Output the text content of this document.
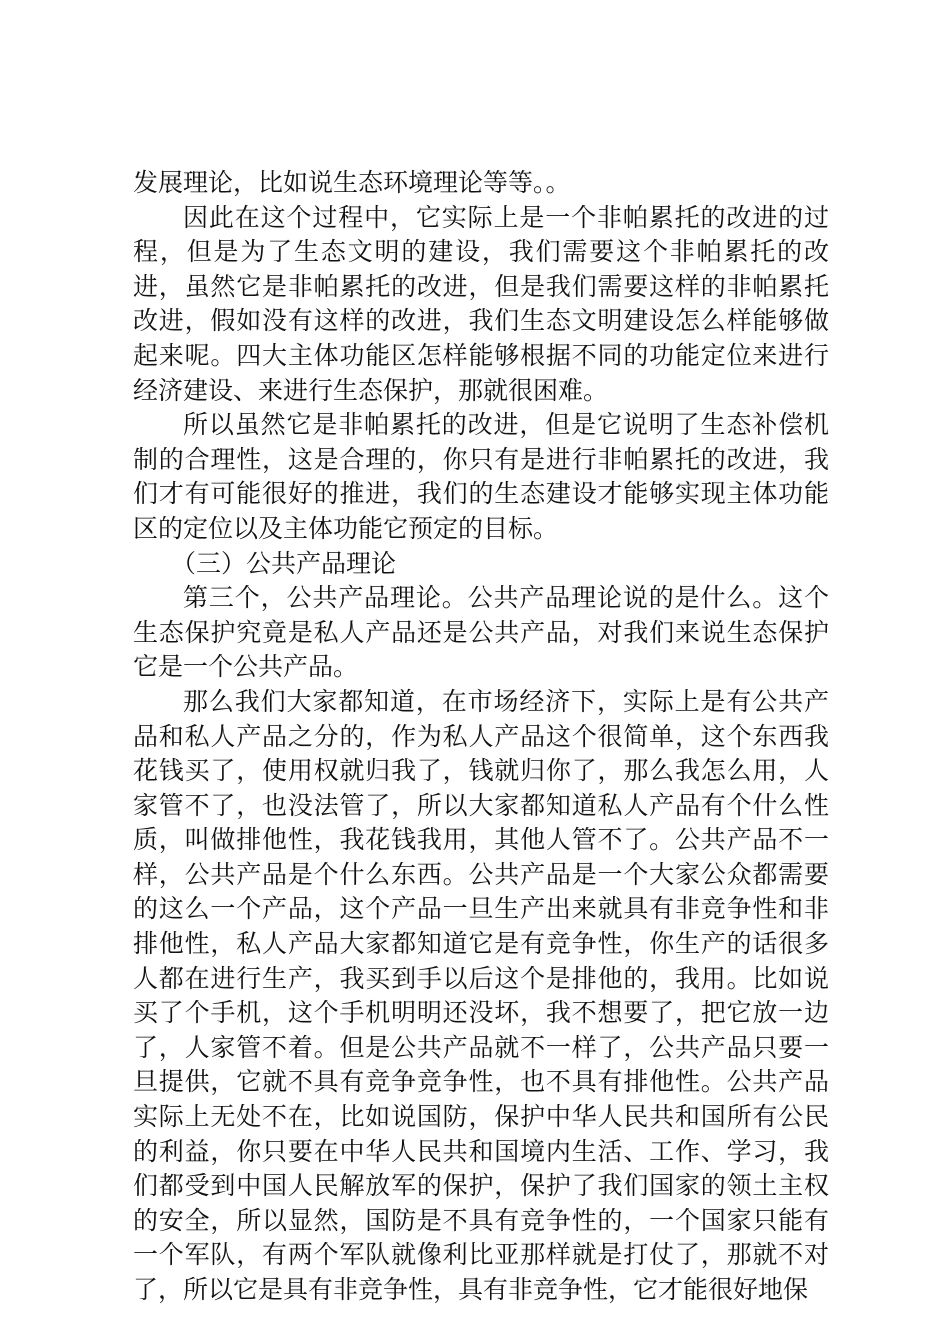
发展理论，比如说生态环境理论等等。。

因此在这个过程中，它实际上是一个非帕累托的改进的过程，但是为了生态文明的建设，我们需要这个非帕累托的改进，虽然它是非帕累托的改进，但是我们需要这样的非帕累托改进，假如没有这样的改进，我们生态文明建设怎么样能够做起来呢。四大主体功能区怎样能够根据不同的功能定位来进行经济建设、来进行生态保护，那就很困难。

所以虽然它是非帕累托的改进，但是它说明了生态补偿机制的合理性，这是合理的，你只有是进行非帕累托的改进，我们才有可能很好的推进，我们的生态建设才能够实现主体功能区的定位以及主体功能它预定的目标。

（三）公共产品理论

第三个，公共产品理论。公共产品理论说的是什么。这个生态保护究竟是私人产品还是公共产品，对我们来说生态保护它是一个公共产品。

那么我们大家都知道，在市场经济下，实际上是有公共产品和私人产品之分的，作为私人产品这个很简单，这个东西我花钱买了，使用权就归我了，钱就归你了，那么我怎么用，人家管不了，也没法管了，所以大家都知道私人产品有个什么性质，叫做排他性，我花钱我用，其他人管不了。公共产品不一样，公共产品是个什么东西。公共产品是一个大家公众都需要的这么一个产品，这个产品一旦生产出来就具有非竞争性和非排他性，私人产品大家都知道它是有竞争性，你生产的话很多人都在进行生产，我买到手以后这个是排他的，我用。比如说买了个手机，这个手机明明还没坏，我不想要了，把它放一边了，人家管不着。但是公共产品就不一样了，公共产品只要一旦提供，它就不具有竞争竞争性，也不具有排他性。公共产品实际上无处不在，比如说国防，保护中华人民共和国所有公民的利益，你只要在中华人民共和国境内生活、工作、学习，我们都受到中国人民解放军的保护，保护了我们国家的领土主权的安全，所以显然，国防是不具有竞争性的，一个国家只能有一个军队，有两个军队就像利比亚那样就是打仗了，那就不对了，所以它是具有非竞争性，具有非竞争性，它才能很好地保
